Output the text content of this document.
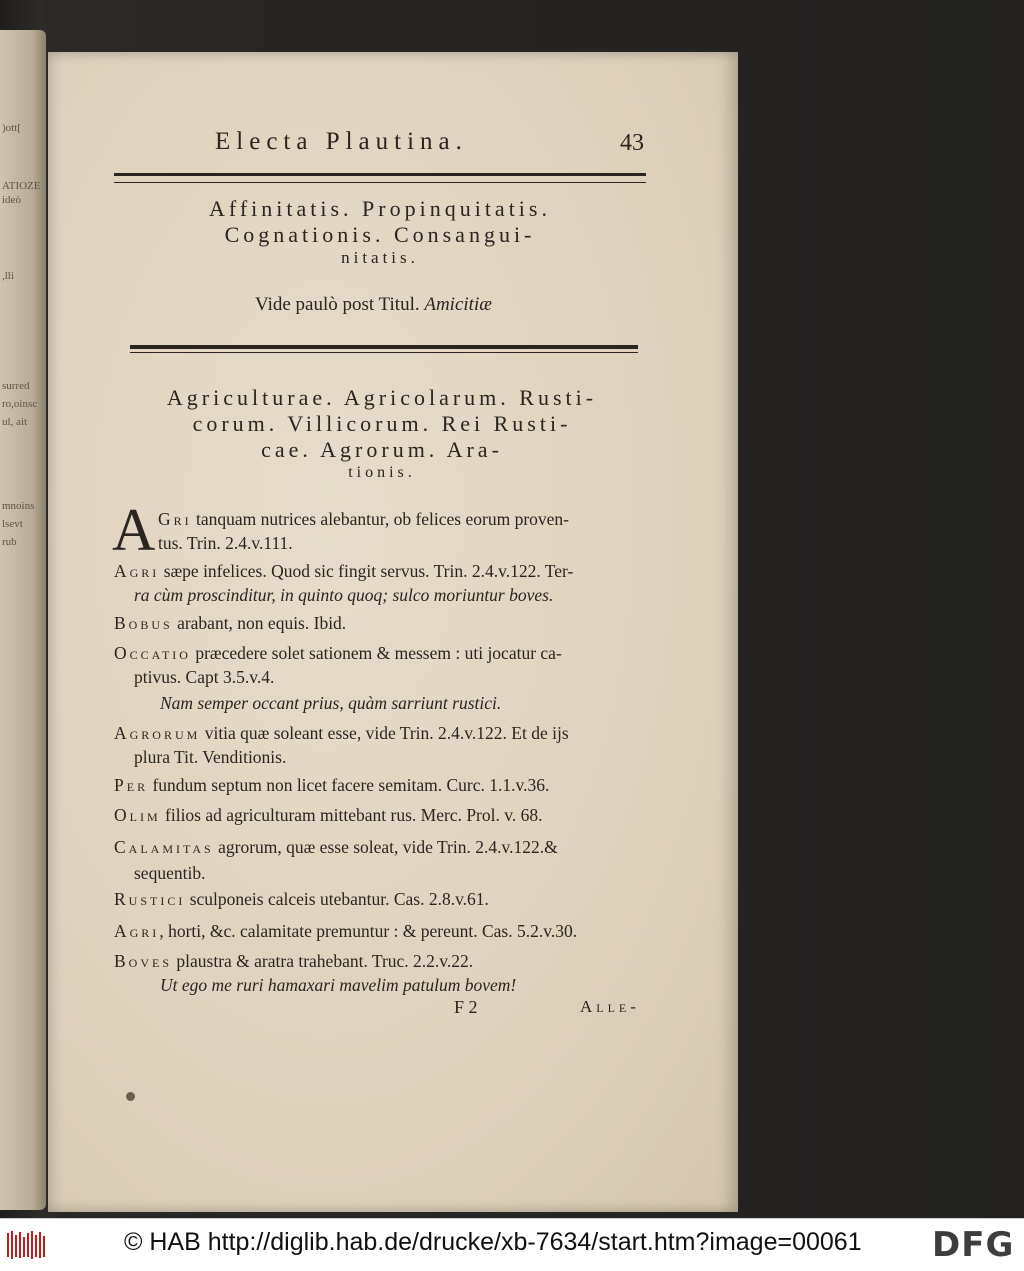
)ott[
ATIOZE
ideò
,lli
surred
ro,oinsc
ul, ait
mnoins
lsevt
rub
Electa Plautina.	43
Affinitatis. Propinquitatis.
Cognationis. Consangui-
nitatis.
Vide paulò post Titul. Amicitiæ
Agriculturae. Agricolarum. Rusti-
corum. Villicorum. Rei Rusti-
cae. Agrorum. Ara-
tionis.
A Gri tanquam nutrices alebantur, ob felices eorum proven-
tus. Trin. 2.4.v.111.
Agri sæpe infelices. Quod sic fingit servus. Trin. 2.4.v.122. Ter-
ra cùm proscinditur, in quinto quoq; sulco moriuntur boves.
Bobus arabant, non equis. Ibid.
Occatio præcedere solet sationem & messem : uti jocatur ca-
ptivus. Capt 3.5.v.4.
Nam semper occant prius, quàm sarriunt rustici.
Agrorum vitia quæ soleant esse, vide Trin. 2.4.v.122. Et de ijs
plura Tit. Venditionis.
Per fundum septum non licet facere semitam. Curc. 1.1.v.36.
Olim filios ad agriculturam mittebant rus. Merc. Prol. v. 68.
Calamitas agrorum, quæ esse soleat, vide Trin. 2.4.v.122.&
sequentib.
Rustici sculponeis calceis utebantur. Cas. 2.8.v.61.
Agri, horti, &c. calamitate premuntur : & pereunt. Cas. 5.2.v.30.
Boves plaustra & aratra trahebant. Truc. 2.2.v.22.
Ut ego me ruri hamaxari mavelim patulum bovem!
F 2	Alle-
© HAB http://diglib.hab.de/drucke/xb-7634/start.htm?image=00061 DFG
